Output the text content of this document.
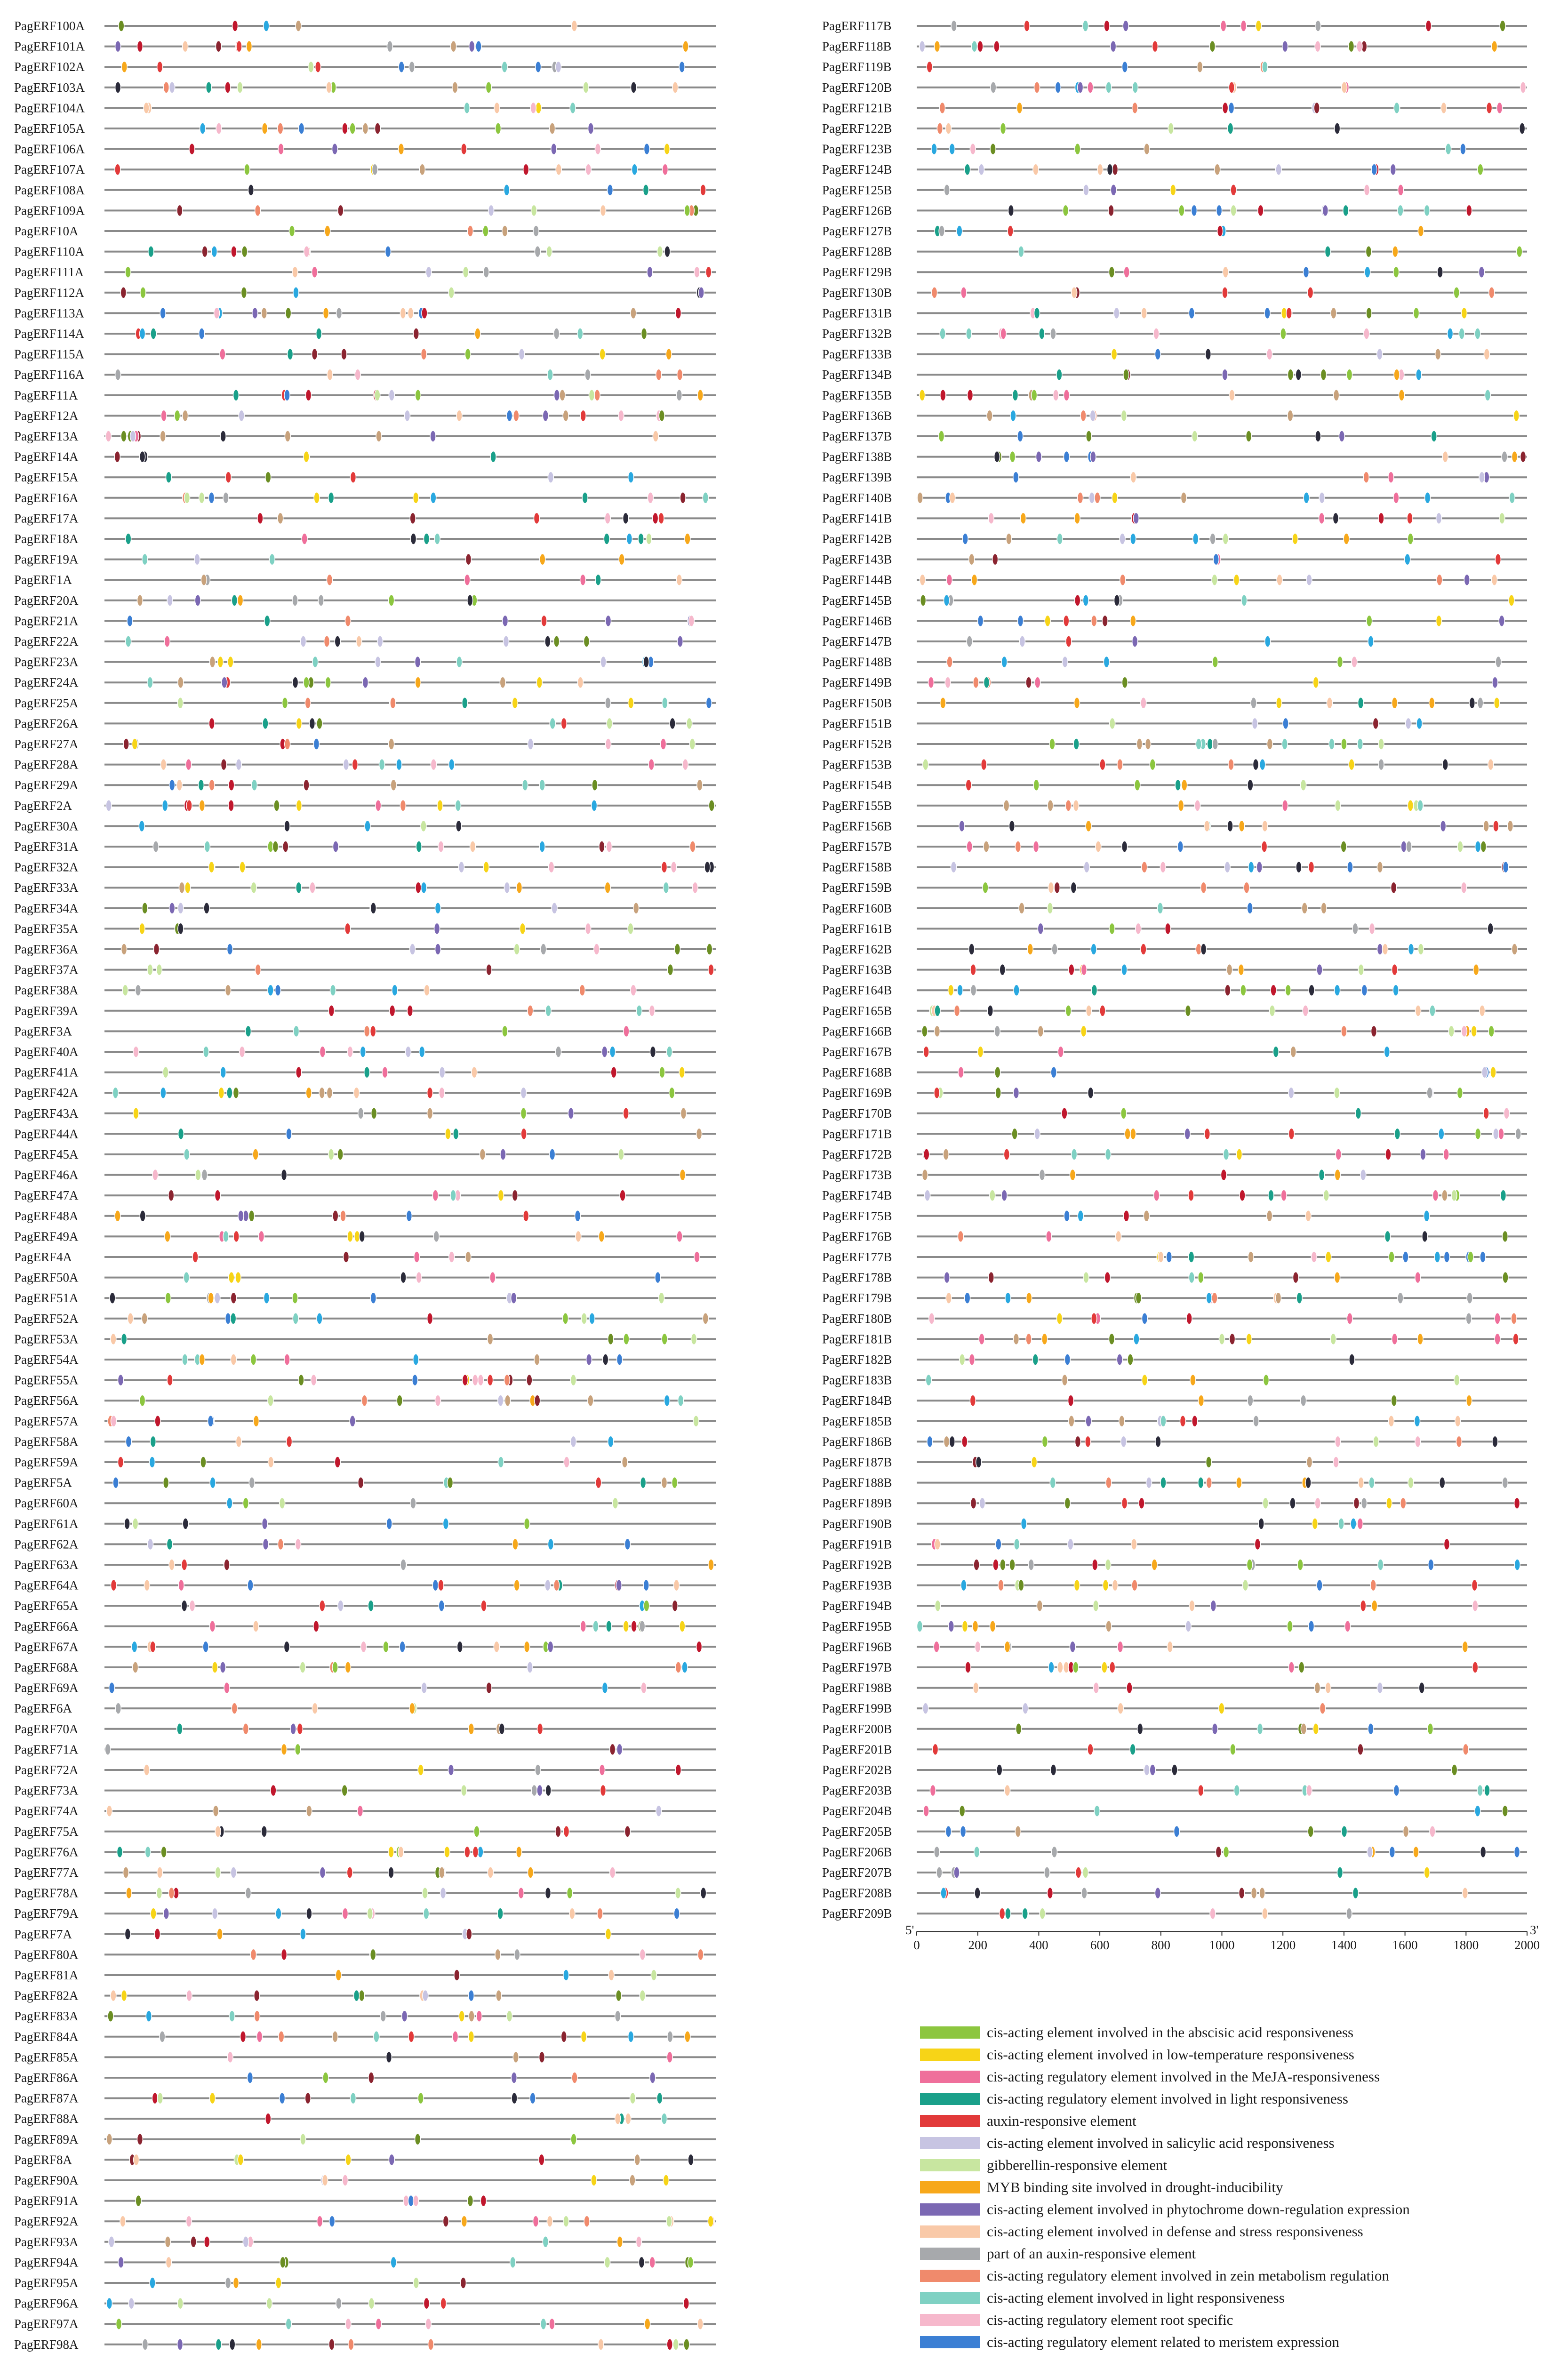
PagERF100A
PagERF101A
PagERF102A
PagERF103A
PagERF104A
PagERF105A
PagERF106A
PagERF107A
PagERF108A
PagERF109A
PagERF10A
PagERF110A
PagERF111A
PagERF112A
PagERF113A
PagERF114A
PagERF115A
PagERF116A
PagERF11A
PagERF12A
PagERF13A
PagERF14A
PagERF15A
PagERF16A
PagERF17A
PagERF18A
PagERF19A
PagERF1A
PagERF20A
PagERF21A
PagERF22A
PagERF23A
PagERF24A
PagERF25A
PagERF26A
PagERF27A
PagERF28A
PagERF29A
PagERF2A
PagERF30A
PagERF31A
PagERF32A
PagERF33A
PagERF34A
PagERF35A
PagERF36A
PagERF37A
PagERF38A
PagERF39A
PagERF3A
PagERF40A
PagERF41A
PagERF42A
PagERF43A
PagERF44A
PagERF45A
PagERF46A
PagERF47A
PagERF48A
PagERF49A
PagERF4A
PagERF50A
PagERF51A
PagERF52A
PagERF53A
PagERF54A
PagERF55A
PagERF56A
PagERF57A
PagERF58A
PagERF59A
PagERF5A
PagERF60A
PagERF61A
PagERF62A
PagERF63A
PagERF64A
PagERF65A
PagERF66A
PagERF67A
PagERF68A
PagERF69A
PagERF6A
PagERF70A
PagERF71A
PagERF72A
PagERF73A
PagERF74A
PagERF75A
PagERF76A
PagERF77A
PagERF78A
PagERF79A
PagERF7A
PagERF80A
PagERF81A
PagERF82A
PagERF83A
PagERF84A
PagERF85A
PagERF86A
PagERF87A
PagERF88A
PagERF89A
PagERF8A
PagERF90A
PagERF91A
PagERF92A
PagERF93A
PagERF94A
PagERF95A
PagERF96A
PagERF97A
PagERF98A
PagERF117B
PagERF118B
PagERF119B
PagERF120B
PagERF121B
PagERF122B
PagERF123B
PagERF124B
PagERF125B
PagERF126B
PagERF127B
PagERF128B
PagERF129B
PagERF130B
PagERF131B
PagERF132B
PagERF133B
PagERF134B
PagERF135B
PagERF136B
PagERF137B
PagERF138B
PagERF139B
PagERF140B
PagERF141B
PagERF142B
PagERF143B
PagERF144B
PagERF145B
PagERF146B
PagERF147B
PagERF148B
PagERF149B
PagERF150B
PagERF151B
PagERF152B
PagERF153B
PagERF154B
PagERF155B
PagERF156B
PagERF157B
PagERF158B
PagERF159B
PagERF160B
PagERF161B
PagERF162B
PagERF163B
PagERF164B
PagERF165B
PagERF166B
PagERF167B
PagERF168B
PagERF169B
PagERF170B
PagERF171B
PagERF172B
PagERF173B
PagERF174B
PagERF175B
PagERF176B
PagERF177B
PagERF178B
PagERF179B
PagERF180B
PagERF181B
PagERF182B
PagERF183B
PagERF184B
PagERF185B
PagERF186B
PagERF187B
PagERF188B
PagERF189B
PagERF190B
PagERF191B
PagERF192B
PagERF193B
PagERF194B
PagERF195B
PagERF196B
PagERF197B
PagERF198B
PagERF199B
PagERF200B
PagERF201B
PagERF202B
PagERF203B
PagERF204B
PagERF205B
PagERF206B
PagERF207B
PagERF208B
PagERF209B
5'	3'
0	200	400	600	800	1000	1200	1400	1600	1800	2000
cis-acting element involved in the abscisic acid responsiveness
cis-acting element involved in low-temperature responsiveness
cis-acting regulatory element involved in the MeJA-responsiveness
cis-acting regulatory element involved in light responsiveness
auxin-responsive element
cis-acting element involved in salicylic acid responsiveness
gibberellin-responsive element
MYB binding site involved in drought-inducibility
cis-acting element involved in phytochrome down-regulation expression
cis-acting element involved in defense and stress responsiveness
part of an auxin-responsive element
cis-acting regulatory element involved in zein metabolism regulation
cis-acting element involved in light responsiveness
cis-acting regulatory element root specific
cis-acting regulatory element related to meristem expression
